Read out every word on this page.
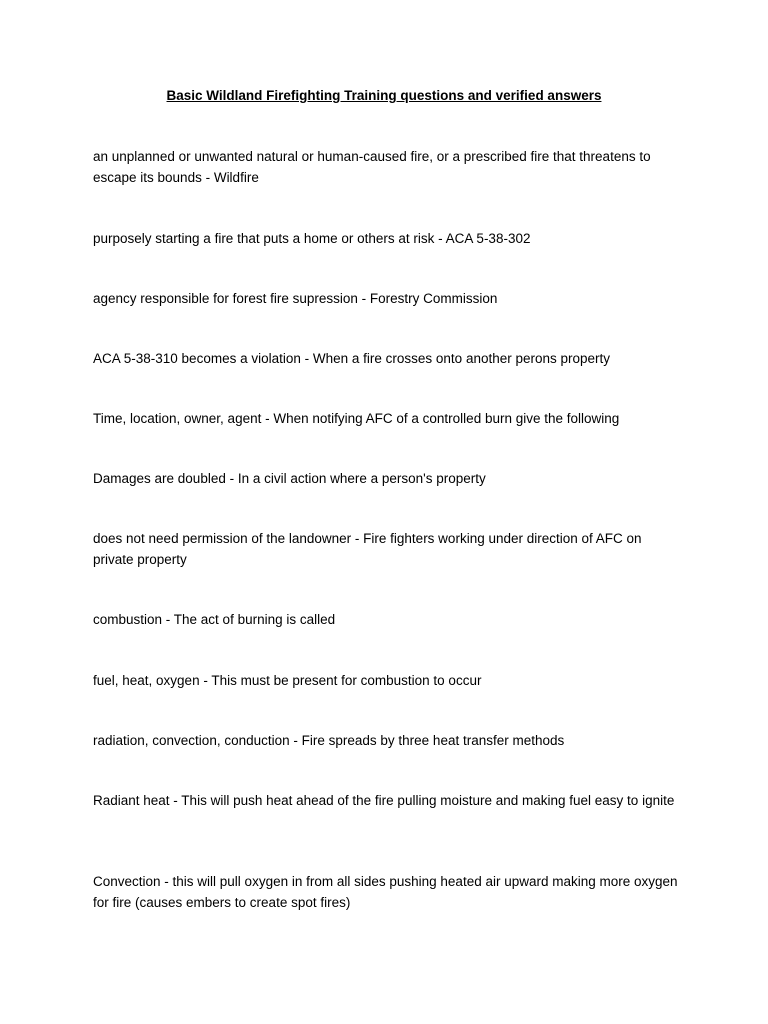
Basic Wildland Firefighting Training questions and verified answers

an unplanned or unwanted natural or human-caused fire, or a prescribed fire that threatens to escape its bounds - Wildfire

purposely starting a fire that puts a home or others at risk - ACA 5-38-302

agency responsible for forest fire supression - Forestry Commission

ACA 5-38-310 becomes a violation - When a fire crosses onto another perons property

Time, location, owner, agent - When notifying AFC of a controlled burn give the following

Damages are doubled - In a civil action where a person's property

does not need permission of the landowner - Fire fighters working under direction of AFC on private property

combustion - The act of burning is called

fuel, heat, oxygen - This must be present for combustion to occur

radiation, convection, conduction - Fire spreads by three heat transfer methods

Radiant heat - This will push heat ahead of the fire pulling moisture and making fuel easy to ignite

Convection - this will pull oxygen in from all sides pushing heated air upward making more oxygen for fire (causes embers to create spot fires)
